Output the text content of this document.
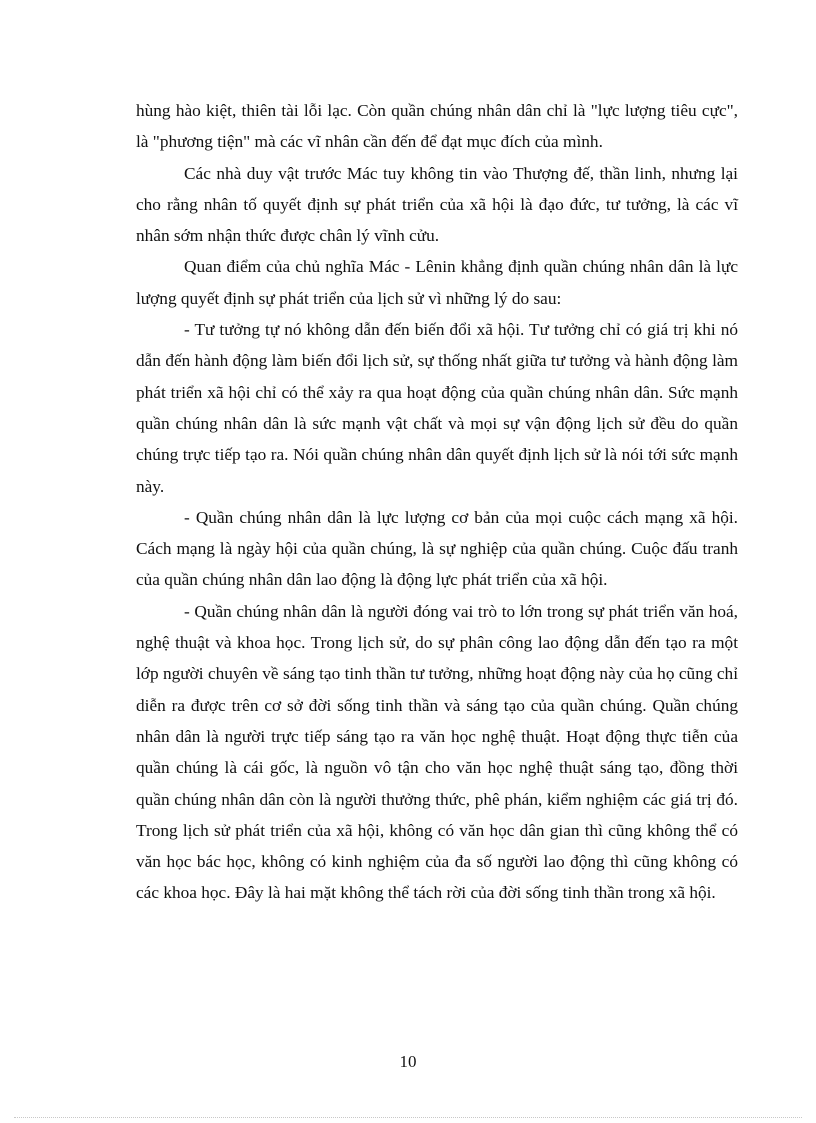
hùng hào kiệt, thiên tài lỗi lạc. Còn quần chúng nhân dân chỉ là "lực lượng tiêu cực", là "phương tiện" mà các vĩ nhân cần đến để đạt mục đích của mình.

Các nhà duy vật trước Mác tuy không tin vào Thượng đế, thần linh, nhưng lại cho rằng nhân tố quyết định sự phát triển của xã hội là đạo đức, tư tưởng, là các vĩ nhân sớm nhận thức được chân lý vĩnh cửu.

Quan điểm của chủ nghĩa Mác - Lênin khẳng định quần chúng nhân dân là lực lượng quyết định sự phát triển của lịch sử vì những lý do sau:

- Tư tưởng tự nó không dẫn đến biến đổi xã hội. Tư tưởng chỉ có giá trị khi nó dẫn đến hành động làm biến đổi lịch sử, sự thống nhất giữa tư tưởng và hành động làm phát triển xã hội chỉ có thể xảy ra qua hoạt động của quần chúng nhân dân. Sức mạnh quần chúng nhân dân là sức mạnh vật chất và mọi sự vận động lịch sử đều do quần chúng trực tiếp tạo ra. Nói quần chúng nhân dân quyết định lịch sử là nói tới sức mạnh này.

- Quần chúng nhân dân là lực lượng cơ bản của mọi cuộc cách mạng xã hội. Cách mạng là ngày hội của quần chúng, là sự nghiệp của quần chúng. Cuộc đấu tranh của quần chúng nhân dân lao động là động lực phát triển của xã hội.

- Quần chúng nhân dân là người đóng vai trò to lớn trong sự phát triển văn hoá, nghệ thuật và khoa học. Trong lịch sử, do sự phân công lao động dẫn đến tạo ra một lớp người chuyên về sáng tạo tinh thần tư tưởng, những hoạt động này của họ cũng chỉ diễn ra được trên cơ sở đời sống tinh thần và sáng tạo của quần chúng. Quần chúng nhân dân là người trực tiếp sáng tạo ra văn học nghệ thuật. Hoạt động thực tiễn của quần chúng là cái gốc, là nguồn vô tận cho văn học nghệ thuật sáng tạo, đồng thời quần chúng nhân dân còn là người thưởng thức, phê phán, kiểm nghiệm các giá trị đó. Trong lịch sử phát triển của xã hội, không có văn học dân gian thì cũng không thể có văn học bác học, không có kinh nghiệm của đa số người lao động thì cũng không có các khoa học. Đây là hai mặt không thể tách rời của đời sống tinh thần trong xã hội.

10
